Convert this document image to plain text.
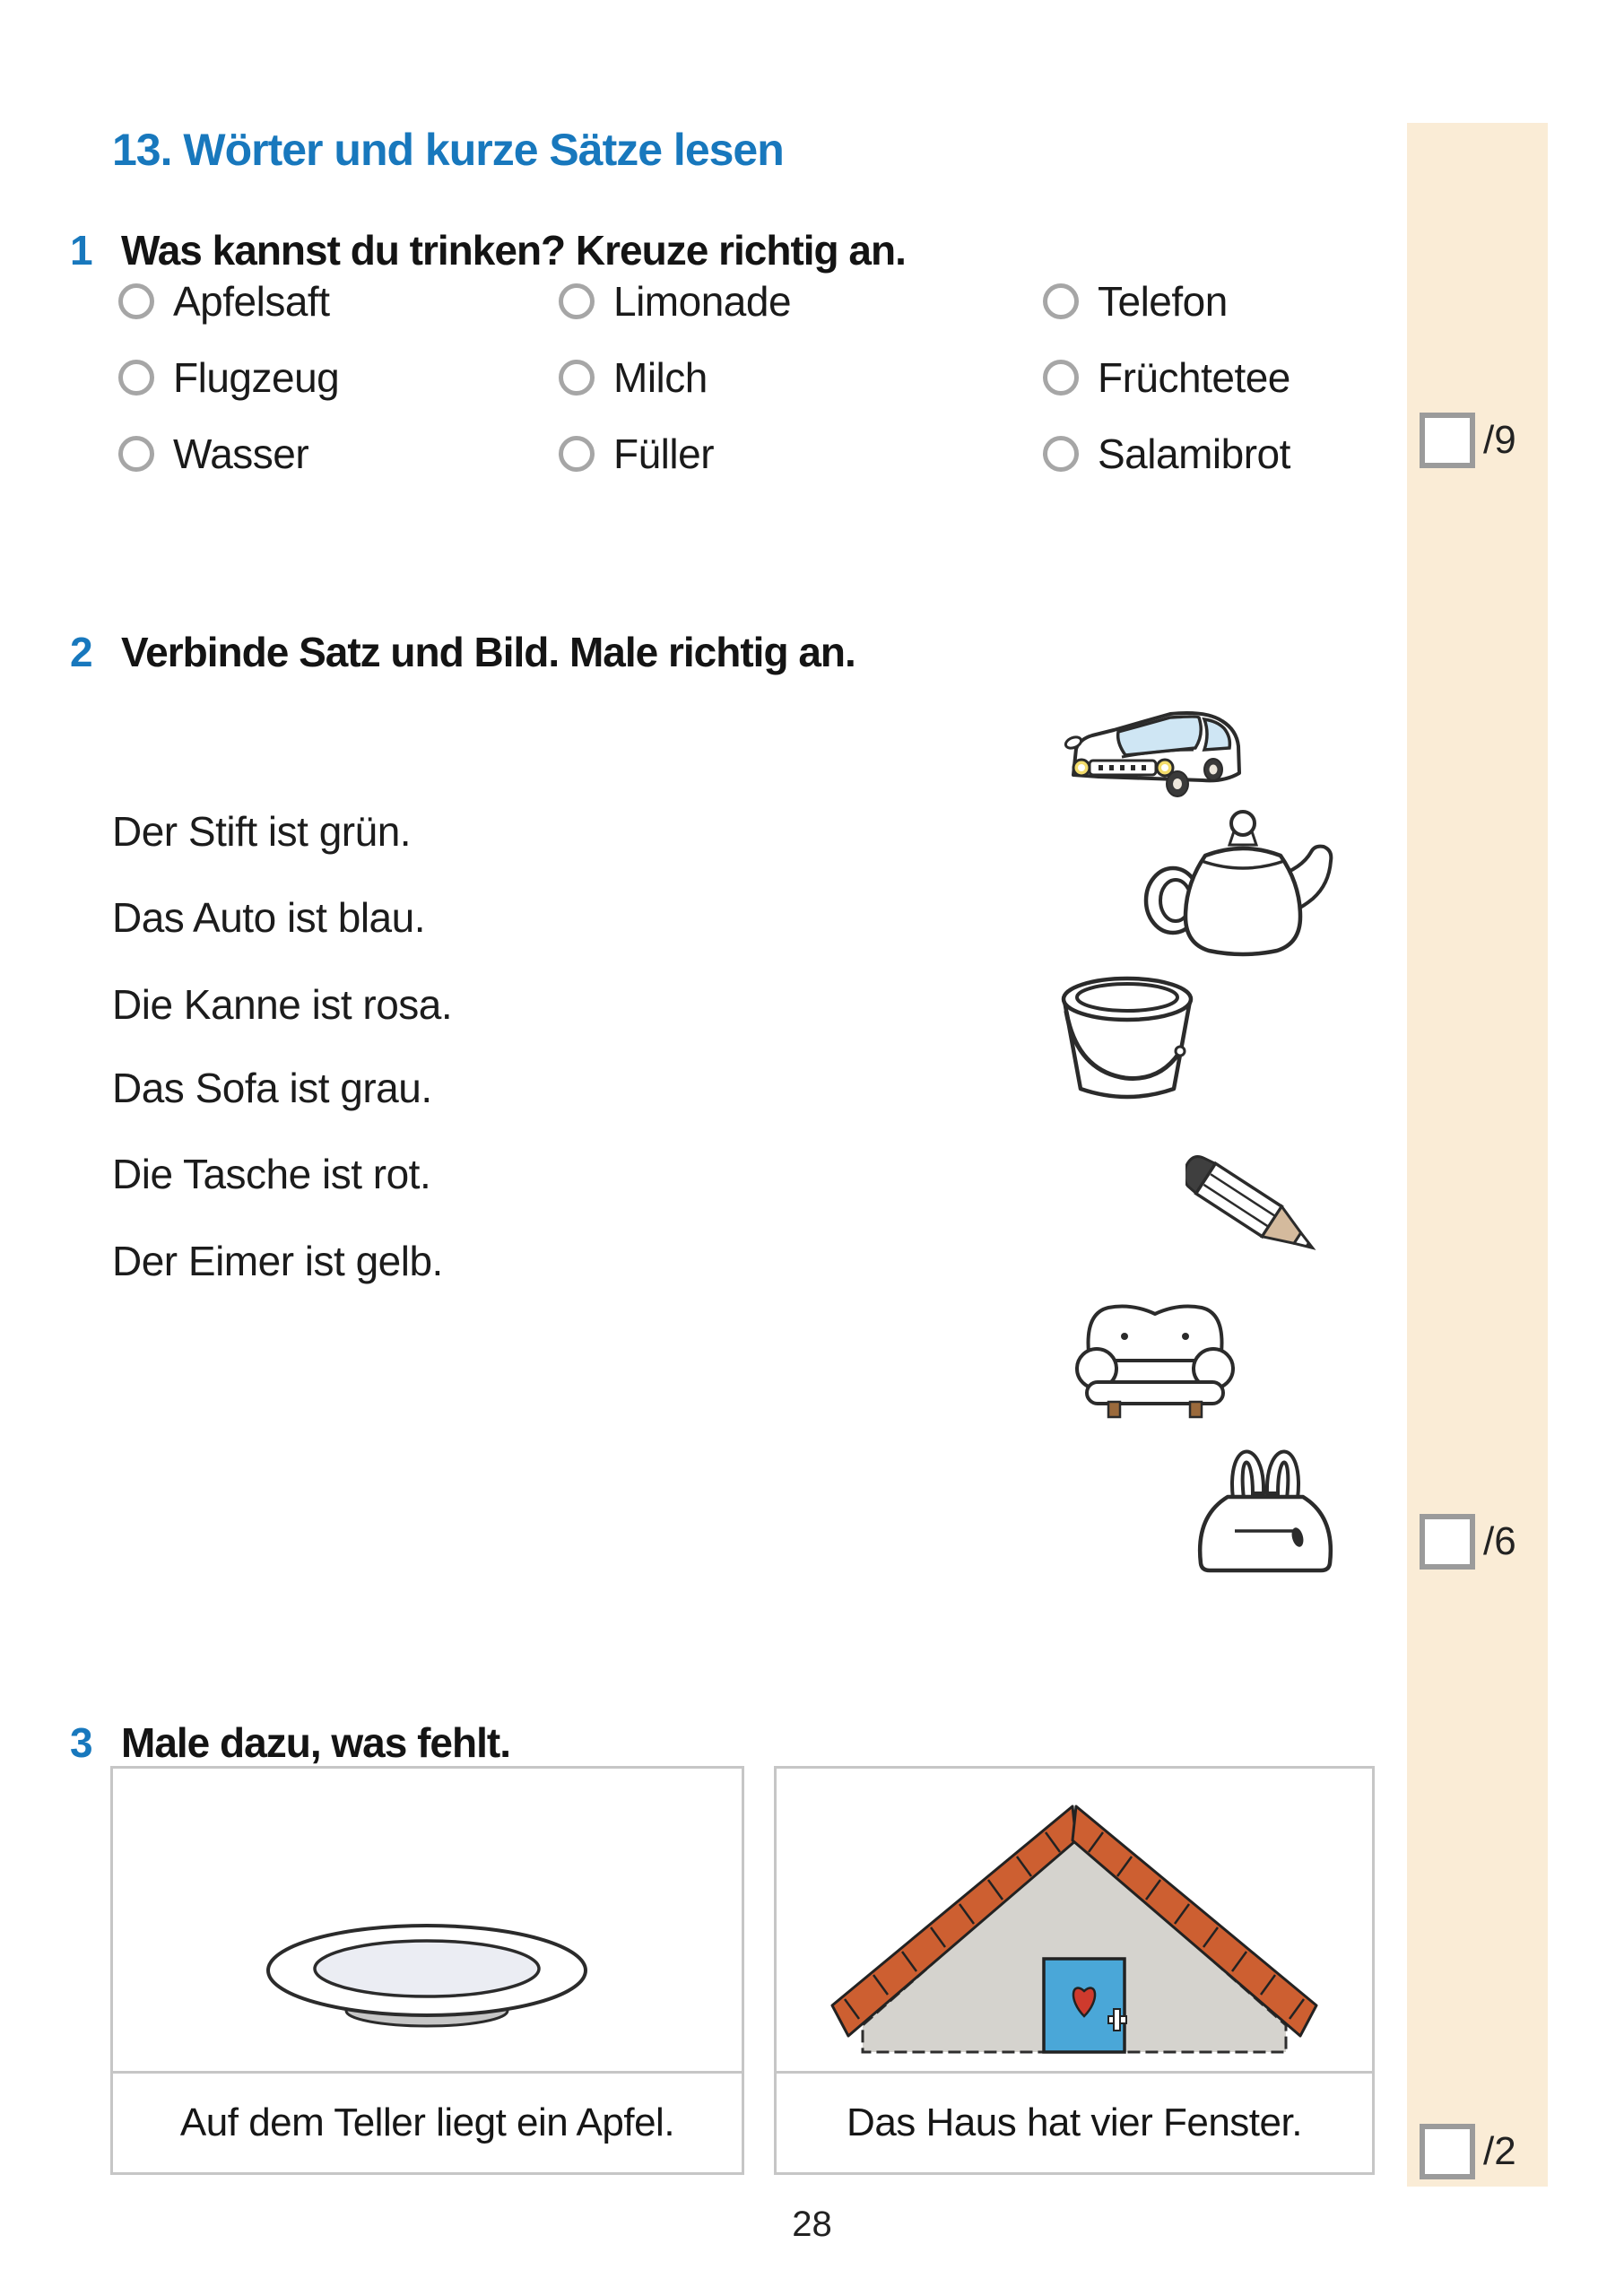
13. Wörter und kurze Sätze lesen
1 Was kannst du trinken? Kreuze richtig an.
Apfelsaft	Limonade	Telefon
Flugzeug	Milch	Früchtetee
Wasser	Füller	Salamibrot	/9
2 Verbinde Satz und Bild. Male richtig an.
Der Stift ist grün.
Das Auto ist blau.
Die Kanne ist rosa.
Das Sofa ist grau.
Die Tasche ist rot.
Der Eimer ist gelb.
/6
3 Male dazu, was fehlt.
Auf dem Teller liegt ein Apfel.	Das Haus hat vier Fenster.
/2
28
